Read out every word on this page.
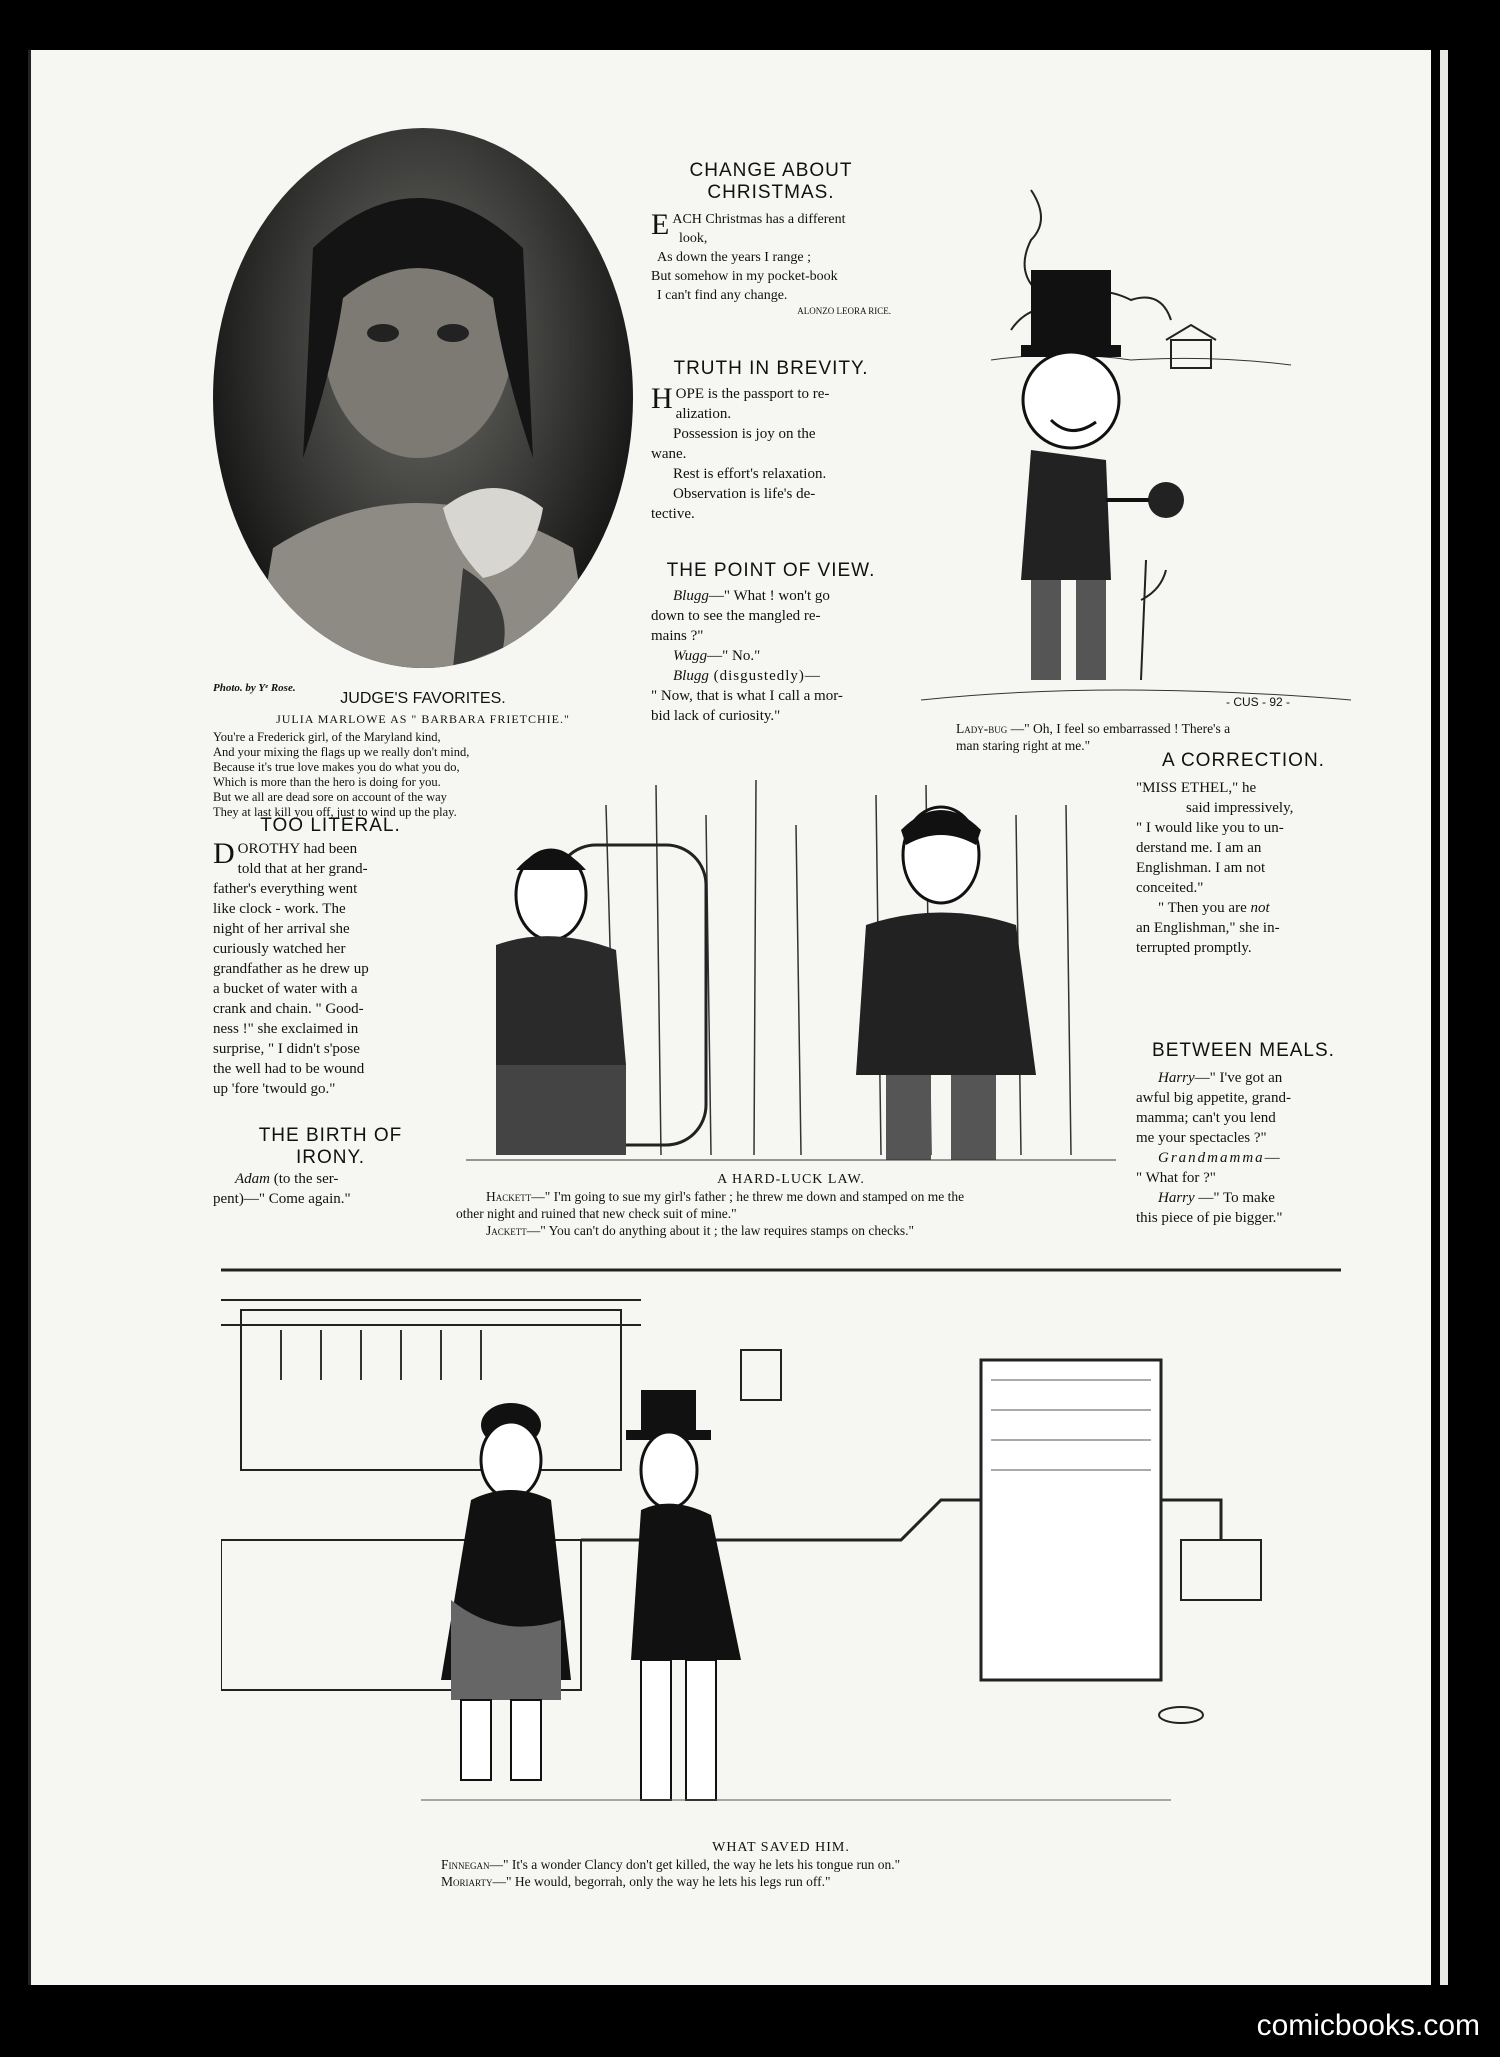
Photo. by Yᵉ Rose.
JUDGE'S FAVORITES.
JULIA MARLOWE AS " BARBARA FRIETCHIE."
You're a Frederick girl, of the Maryland kind,
And your mixing the flags up we really don't mind,
Because it's true love makes you do what you do,
Which is more than the hero is doing for you.
But we all are dead sore on account of the way
They at last kill you off, just to wind up the play.
CHANGE ABOUT
CHRISTMAS.

EACH Christmas has a different

look,

As down the years I range ;

But somehow in my pocket-book

I can't find any change.

ALONZO LEORA RICE.

TRUTH IN BREVITY.

HOPE is the passport to re-

alization.

Possession is joy on the

wane.

Rest is effort's relaxation.

Observation is life's de-

tective.

THE POINT OF VIEW.

Blugg—" What ! won't go

down to see the mangled re-

mains ?"

Wugg—" No."

Blugg (disgustedly)—

" Now, that is what I call a mor-

bid lack of curiosity."

- CUS - 92 -
Lady-bug —" Oh, I feel so embarrassed ! There's a
man staring right at me."
A CORRECTION.

"MISS ETHEL," he

said impressively,

" I would like you to un-

derstand me. I am an

Englishman. I am not

conceited."

" Then you are not

an Englishman," she in-

terrupted promptly.

BETWEEN MEALS.

Harry—" I've got an

awful big appetite, grand-

mamma; can't you lend

me your spectacles ?"

Grandmamma—

" What for ?"

Harry —" To make

this piece of pie bigger."

TOO LITERAL.

DOROTHY had been

told that at her grand-

father's everything went

like clock - work. The

night of her arrival she

curiously watched her

grandfather as he drew up

a bucket of water with a

crank and chain. " Good-

ness !" she exclaimed in

surprise, " I didn't s'pose

the well had to be wound

up 'fore 'twould go."

THE BIRTH OF
IRONY.

Adam (to the ser-

pent)—" Come again."

A HARD-LUCK LAW.
Hackett—" I'm going to sue my girl's father ; he threw me down and stamped on me the
other night and ruined that new check suit of mine."
Jackett—" You can't do anything about it ; the law requires stamps on checks."
WHAT SAVED HIM.
Finnegan—" It's a wonder Clancy don't get killed, the way he lets his tongue run on."
Moriarty—" He would, begorrah, only the way he lets his legs run off."
comicbooks.com
